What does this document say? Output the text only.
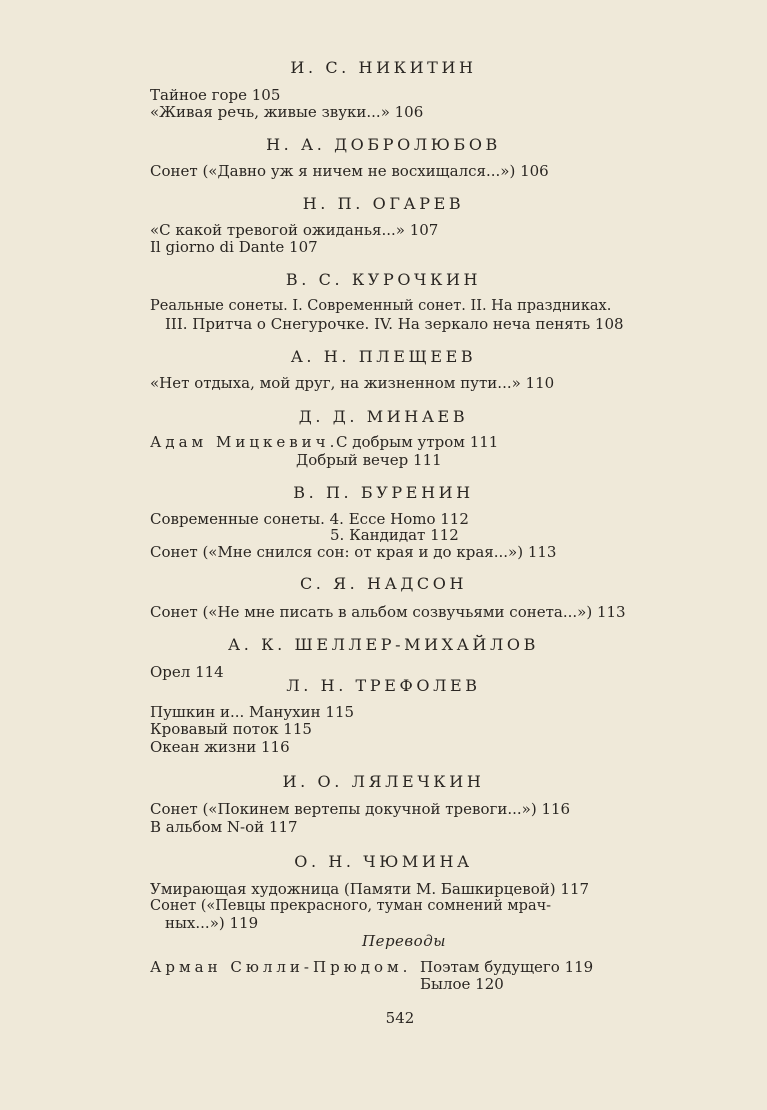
И. С. НИКИТИН
Тайное горе 105
«Живая речь, живые звуки...» 106
Н. А. ДОБРОЛЮБОВ
Сонет («Давно уж я ничем не восхищался...») 106
Н. П. ОГАРЕВ
«С какой тревогой ожиданья...» 107
Il giorno di Dante 107
В. С. КУРОЧКИН
Реальные сонеты. I. Современный сонет. II. На праздниках.
III. Притча о Снегурочке. IV. На зеркало неча пенять 108
А. Н. ПЛЕЩЕЕВ
«Нет отдыха, мой друг, на жизненном пути...» 110
Д. Д. МИНАЕВ
Адам Мицкевич.
С добрым утром 111
Добрый вечер 111
В. П. БУРЕНИН
Современные сонеты. 4. Ecce Homo 112
5. Кандидат 112
Сонет («Мне снился сон: от края и до края...») 113
С. Я. НАДСОН
Сонет («Не мне писать в альбом созвучьями сонета...») 113
А. К. ШЕЛЛЕР-МИХАЙЛОВ
Орел 114
Л. Н. ТРЕФОЛЕВ
Пушкин и... Манухин 115
Кровавый поток 115
Океан жизни 116
И. О. ЛЯЛЕЧКИН
Сонет («Покинем вертепы докучной тревоги...») 116
В альбом N-ой 117
О. Н. ЧЮМИНА
Умирающая художница (Памяти М. Башкирцевой) 117
Сонет («Певцы прекрасного, туман сомнений мрач-
ных...») 119
Переводы
Арман Сюлли-Прюдом. Поэтам будущего 119
Былое 120
542
